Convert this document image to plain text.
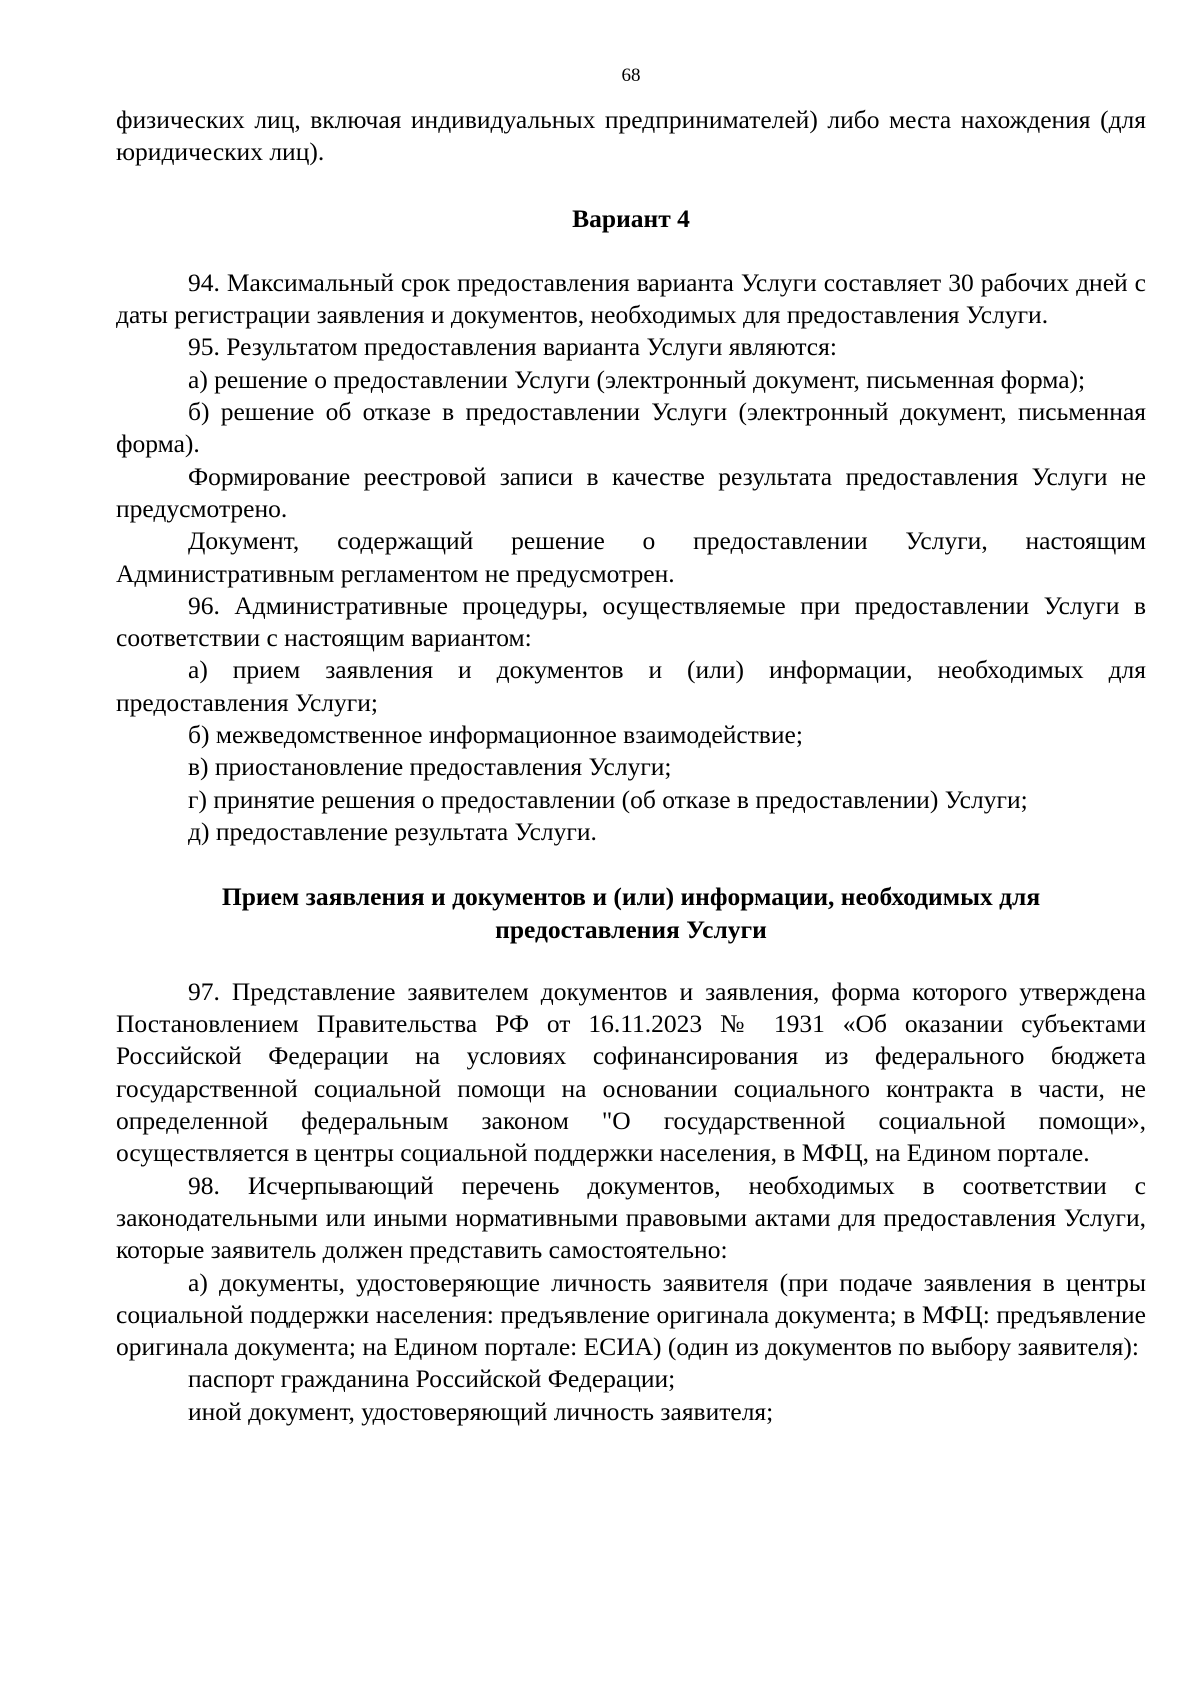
68

физических лиц, включая индивидуальных предпринимателей) либо места нахождения (для юридических лиц).

Вариант 4

94. Максимальный срок предоставления варианта Услуги составляет 30 рабочих дней с даты регистрации заявления и документов, необходимых для предоставления Услуги.

95. Результатом предоставления варианта Услуги являются:

а) решение о предоставлении Услуги (электронный документ, письменная форма);

б) решение об отказе в предоставлении Услуги (электронный документ, письменная форма).

Формирование реестровой записи в качестве результата предоставления Услуги не предусмотрено.

Документ, содержащий решение о предоставлении Услуги, настоящим Административным регламентом не предусмотрен.

96. Административные процедуры, осуществляемые при предоставлении Услуги в соответствии с настоящим вариантом:

а) прием заявления и документов и (или) информации, необходимых для предоставления Услуги;

б) межведомственное информационное взаимодействие;

в) приостановление предоставления Услуги;

г) принятие решения о предоставлении (об отказе в предоставлении) Услуги;

д) предоставление результата Услуги.

Прием заявления и документов и (или) информации, необходимых для
предоставления Услуги

97. Представление заявителем документов и заявления, форма которого утверждена Постановлением Правительства РФ от 16.11.2023 № 1931 «Об оказании субъектами Российской Федерации на условиях софинансирования из федерального бюджета государственной социальной помощи на основании социального контракта в части, не определенной федеральным законом "О государственной социальной помощи», осуществляется в центры социальной поддержки населения, в МФЦ, на Едином портале.

98. Исчерпывающий перечень документов, необходимых в соответствии с законодательными или иными нормативными правовыми актами для предоставления Услуги, которые заявитель должен представить самостоятельно:

а) документы, удостоверяющие личность заявителя (при подаче заявления в центры социальной поддержки населения: предъявление оригинала документа; в МФЦ: предъявление оригинала документа; на Едином портале: ЕСИА) (один из документов по выбору заявителя):

паспорт гражданина Российской Федерации;

иной документ, удостоверяющий личность заявителя;
